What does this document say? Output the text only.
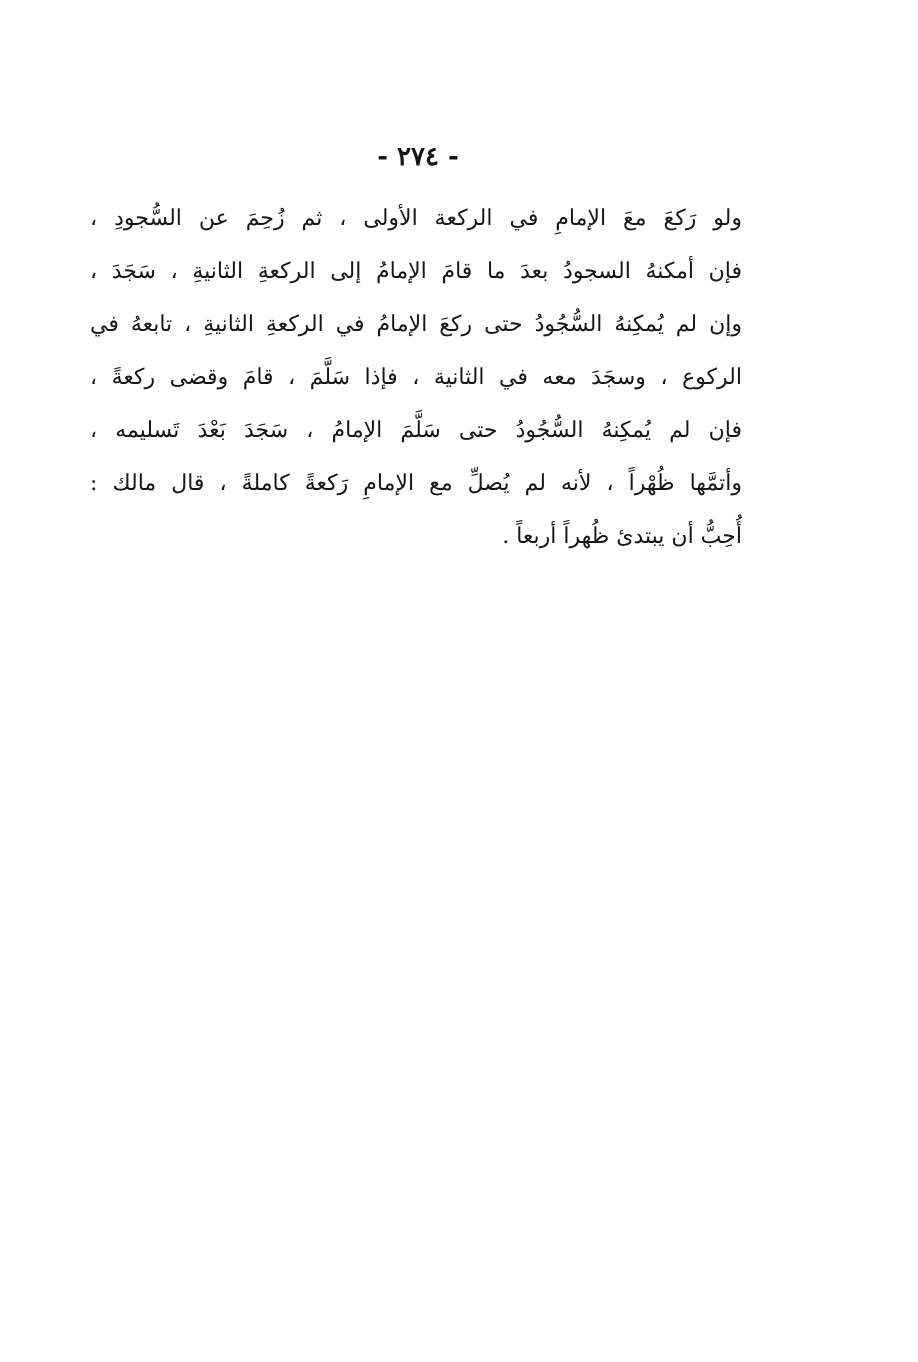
- ٢٧٤ -
ولو رَكعَ معَ الإمامِ في الركعة الأولى ، ثم زُحِمَ عن السُّجودِ ،
فإن أمكنهُ السجودُ بعدَ ما قامَ الإمامُ إلى الركعةِ الثانيةِ ، سَجَدَ ،
وإن لم يُمكِنهُ السُّجُودُ حتى ركعَ الإمامُ في الركعةِ الثانيةِ ، تابعهُ في
الركوع ، وسجَدَ معه في الثانية ، فإذا سَلَّمَ ، قامَ وقضى ركعةً ،
فإن لم يُمكِنهُ السُّجُودُ حتى سَلَّمَ الإمامُ ، سَجَدَ بَعْدَ تَسليمه ،
وأتمَّها ظُهْراً ، لأنه لم يُصلِّ مع الإمامِ رَكعةً كاملةً ، قال مالك :
أُحِبُّ أن يبتدئ ظُهراً أربعاً .
